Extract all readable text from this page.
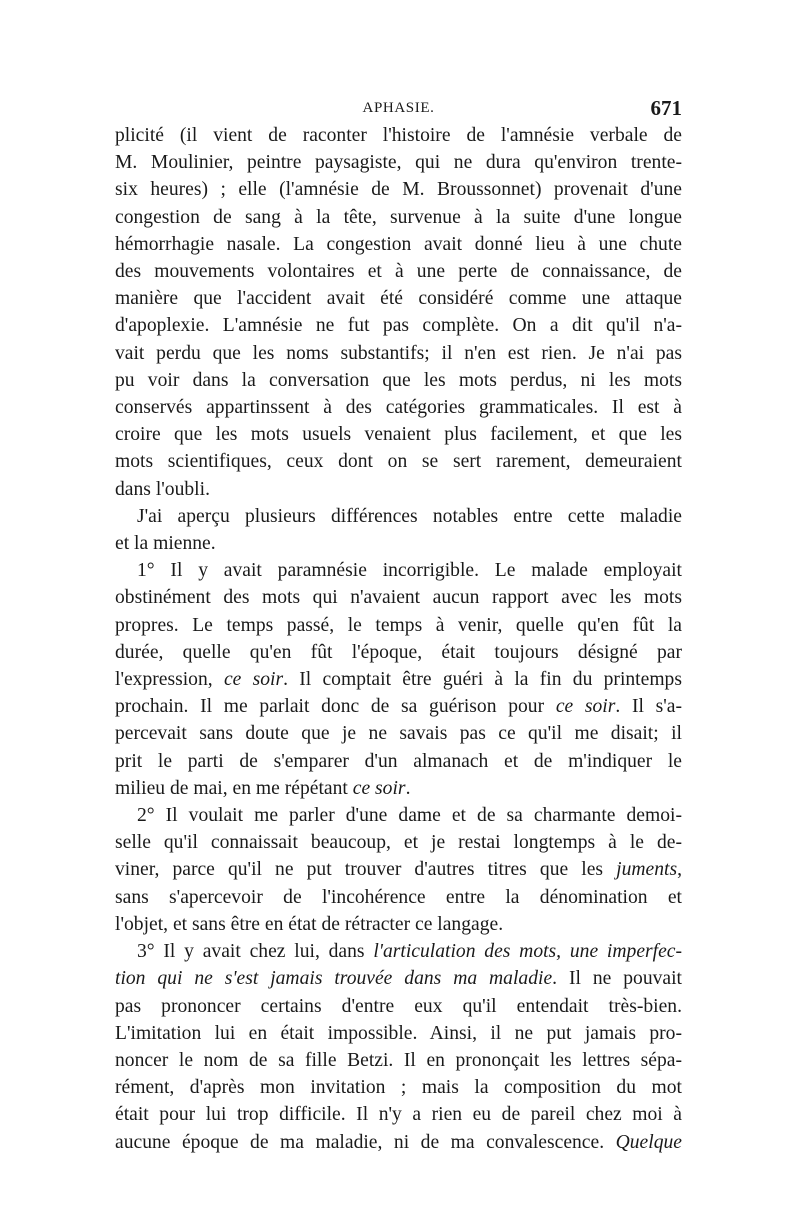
APHASIE.	671
plicité (il vient de raconter l'histoire de l'amnésie verbale de
M. Moulinier, peintre paysagiste, qui ne dura qu'environ trente-
six heures) ; elle (l'amnésie de M. Broussonnet) provenait d'une
congestion de sang à la tête, survenue à la suite d'une longue
hémorrhagie nasale. La congestion avait donné lieu à une chute
des mouvements volontaires et à une perte de connaissance, de
manière que l'accident avait été considéré comme une attaque
d'apoplexie. L'amnésie ne fut pas complète. On a dit qu'il n'a-
vait perdu que les noms substantifs; il n'en est rien. Je n'ai pas
pu voir dans la conversation que les mots perdus, ni les mots
conservés appartinssent à des catégories grammaticales. Il est à
croire que les mots usuels venaient plus facilement, et que les
mots scientifiques, ceux dont on se sert rarement, demeuraient
dans l'oubli.
J'ai aperçu plusieurs différences notables entre cette maladie
et la mienne.
1° Il y avait paramnésie incorrigible. Le malade employait
obstinément des mots qui n'avaient aucun rapport avec les mots
propres. Le temps passé, le temps à venir, quelle qu'en fût la
durée, quelle qu'en fût l'époque, était toujours désigné par
l'expression, ce soir. Il comptait être guéri à la fin du printemps
prochain. Il me parlait donc de sa guérison pour ce soir. Il s'a-
percevait sans doute que je ne savais pas ce qu'il me disait; il
prit le parti de s'emparer d'un almanach et de m'indiquer le
milieu de mai, en me répétant ce soir.
2° Il voulait me parler d'une dame et de sa charmante demoi-
selle qu'il connaissait beaucoup, et je restai longtemps à le de-
viner, parce qu'il ne put trouver d'autres titres que les juments,
sans s'apercevoir de l'incohérence entre la dénomination et
l'objet, et sans être en état de rétracter ce langage.
3° Il y avait chez lui, dans l'articulation des mots, une imperfec-
tion qui ne s'est jamais trouvée dans ma maladie. Il ne pouvait
pas prononcer certains d'entre eux qu'il entendait très-bien.
L'imitation lui en était impossible. Ainsi, il ne put jamais pro-
noncer le nom de sa fille Betzi. Il en prononçait les lettres sépa-
rément, d'après mon invitation ; mais la composition du mot
était pour lui trop difficile. Il n'y a rien eu de pareil chez moi à
aucune époque de ma maladie, ni de ma convalescence. Quelque
